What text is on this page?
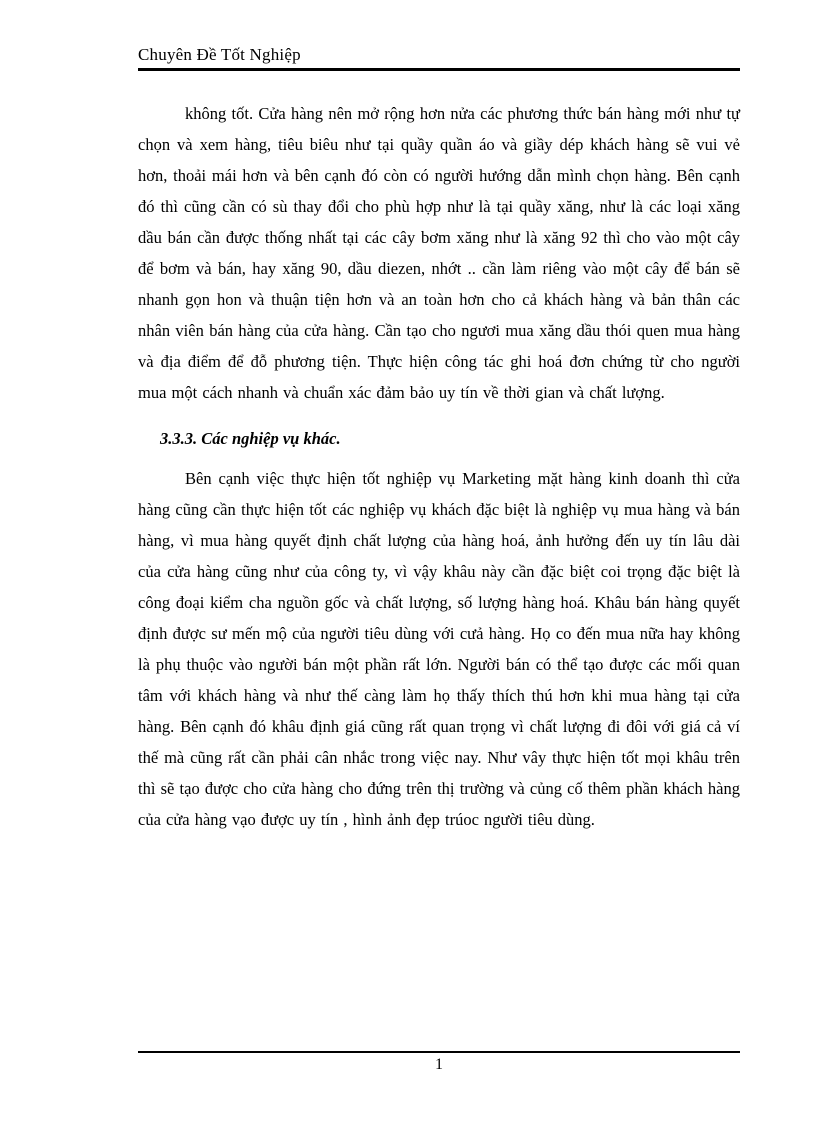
Chuyên Đề Tốt Nghiệp

không tốt. Cửa hàng nên mở rộng hơn nửa các phương thức bán hàng mới như tự chọn và xem hàng, tiêu biêu như tại quầy quần áo và giầy dép khách hàng sẽ vui vẻ hơn, thoải mái hơn và bên cạnh đó còn có người hướng dẫn mình chọn hàng. Bên cạnh đó thì cũng cần có sù thay đổi cho phù hợp như là tại quầy xăng, như là các loại xăng dầu bán cần được thống nhất tại các cây bơm xăng như là xăng 92 thì cho vào một cây để bơm và bán, hay xăng 90, dầu diezen, nhớt .. cần làm riêng vào một cây để bán sẽ nhanh gọn hon và thuận tiện hơn và an toàn hơn cho cả khách hàng và bản thân các nhân viên bán hàng của cửa hàng. Cần tạo cho ngươi mua xăng dầu thói quen mua hàng và địa điểm để đỗ phương tiện. Thực hiện công tác ghi hoá đơn chứng từ cho người mua một cách nhanh và chuẩn xác đảm bảo uy tín về thời gian và chất lượng.

3.3.3. Các nghiệp vụ khác.

Bên cạnh việc thực hiện tốt nghiệp vụ Marketing mặt hàng kinh doanh thì cửa hàng cũng cần thực hiện tốt các nghiệp vụ khách đặc biệt là nghiệp vụ mua hàng và bán hàng, vì mua hàng quyết định chất lượng của hàng hoá, ảnh hưởng đến uy tín lâu dài của cửa hàng cũng như của công ty, vì vậy khâu này cần đặc biệt coi trọng đặc biệt là công đoại kiểm cha nguồn gốc và chất lượng, số lượng hàng hoá. Khâu bán hàng quyết định được sư mến mộ của người tiêu dùng với cưả hàng. Họ co đến mua nữa hay không là phụ thuộc vào người bán một phần rất lớn. Người bán có thể tạo được các mối quan tâm với khách hàng và như thế càng làm họ thấy thích thú hơn khi mua hàng tại cửa hàng. Bên cạnh đó khâu định giá cũng rất quan trọng vì chất lượng đi đôi với giá cả ví thế mà cũng rất cần phải cân nhắc trong việc nay. Như vây thực hiện tốt mọi khâu trên thì sẽ tạo được cho cửa hàng cho đứng trên thị trường và củng cố thêm phần khách hàng của cửa hàng vạo được uy tín , hình ảnh đẹp trúoc người tiêu dùng.

1
